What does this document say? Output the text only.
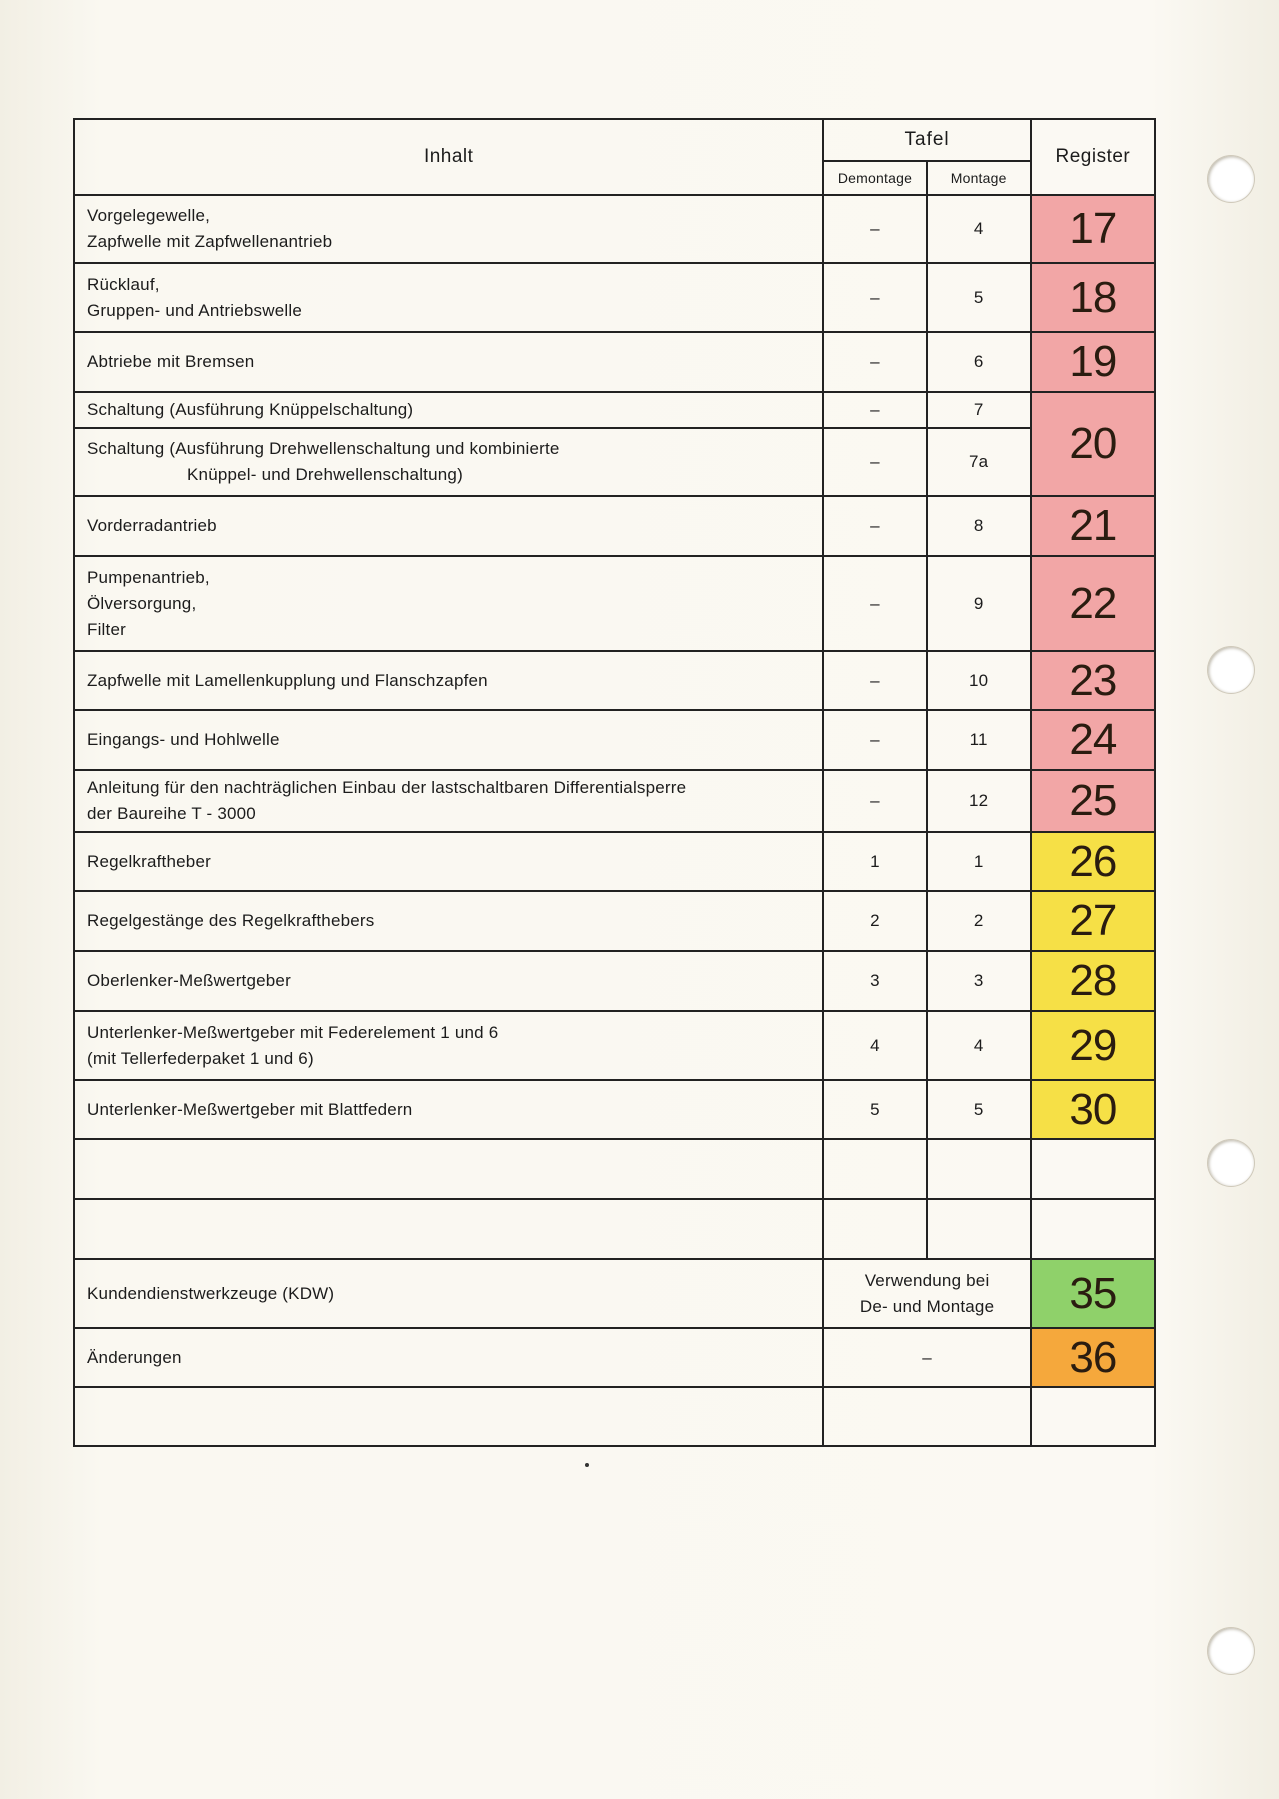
Inhalt	Tafel		Register
	Demontage	Montage	

Vorgelegewelle,
Zapfwelle mit Zapfwellenantrieb	–	4	17

Rücklauf,
Gruppen- und Antriebswelle	–	5	18

Abtriebe mit Bremsen	–	6	19

Schaltung (Ausführung Knüppelschaltung)	–	7	20

Schaltung (Ausführung Drehwellenschaltung und kombinierte
Knüppel- und Drehwellenschaltung)	–	7a	

Vorderradantrieb	–	8	21

Pumpenantrieb,
Ölversorgung,
Filter	–	9	22

Zapfwelle mit Lamellenkupplung und Flanschzapfen	–	10	23

Eingangs- und Hohlwelle	–	11	24

Anleitung für den nachträglichen Einbau der lastschaltbaren Differentialsperre
der Baureihe T - 3000	–	12	25

Regelkraftheber	1	1	26

Regelgestänge des Regelkrafthebers	2	2	27

Oberlenker-Meßwertgeber	3	3	28

Unterlenker-Meßwertgeber mit Federelement 1 und 6
(mit Tellerfederpaket 1 und 6)	4	4	29

Unterlenker-Meßwertgeber mit Blattfedern	5	5	30

Kundendienstwerkzeuge (KDW)	Verwendung bei
De- und Montage		35
Änderungen	–		36
